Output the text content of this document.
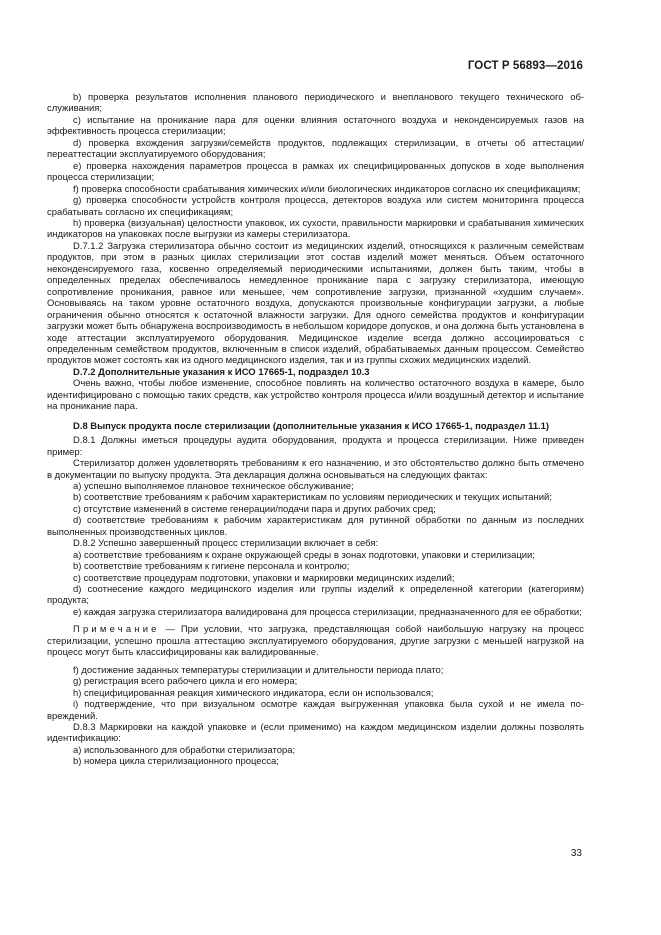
ГОСТ Р 56893—2016

b) проверка результатов исполнения планового периодического и внепланового текущего технического обслуживания;

c) испытание на проникание пара для оценки влияния остаточного воздуха и неконденсируемых газов на эффективность процесса стерилизации;

d) проверка вхождения загрузки/семейств продуктов, подлежащих стерилизации, в отчеты об аттестации/переаттестации эксплуатируемого оборудования;

e) проверка нахождения параметров процесса в рамках их специфицированных допусков в ходе выполнения процесса стерилизации;

f) проверка способности срабатывания химических и/или биологических индикаторов согласно их спецификациям;

g) проверка способности устройств контроля процесса, детекторов воздуха или систем мониторинга процесса срабатывать согласно их спецификациям;

h) проверка (визуальная) целостности упаковок, их сухости, правильности маркировки и срабатывания химических индикаторов на упаковках после выгрузки из камеры стерилизатора.

D.7.1.2 Загрузка стерилизатора обычно состоит из медицинских изделий, относящихся к различным семействам продуктов, при этом в разных циклах стерилизации этот состав изделий может меняться. Объем остаточного неконденсируемого газа, косвенно определяемый периодическими испытаниями, должен быть таким, чтобы в определенных пределах обеспечивалось немедленное проникание пара с загрузку стерилизатора, имеющую сопротивление проникания, равное или меньшее, чем сопротивление загрузки, признанной «худшим случаем». Основываясь на таком уровне остаточного воздуха, допускаются произвольные конфигурации загрузки, а любые ограничения обычно относятся к остаточной влажности загрузки. Для одного семейства продуктов и конфигурации загрузки может быть обнаружена воспроизводимость в небольшом коридоре допусков, и она должна быть установлена в ходе аттестации эксплуатируемого оборудования. Медицинское изделие всегда должно ассоциироваться с определенным семейством продуктов, включенным в список изделий, обрабатываемых данным процессом. Семейство продуктов может состоять как из одного медицинского изделия, так и из группы схожих медицинских изделий.

D.7.2 Дополнительные указания к ИСО 17665-1, подраздел 10.3

Очень важно, чтобы любое изменение, способное повлиять на количество остаточного воздуха в камере, было идентифицировано с помощью таких средств, как устройство контроля процесса и/или воздушный детектор и испытание на проникание пара.

D.8 Выпуск продукта после стерилизации (дополнительные указания к ИСО 17665-1, подраздел 11.1)

D.8.1 Должны иметься процедуры аудита оборудования, продукта и процесса стерилизации. Ниже приведен пример:

Стерилизатор должен удовлетворять требованиям к его назначению, и это обстоятельство должно быть отмечено в документации по выпуску продукта. Эта декларация должна основываться на следующих фактах:

a) успешно выполняемое плановое техническое обслуживание;

b) соответствие требованиям к рабочим характеристикам по условиям периодических и текущих испытаний;

c) отсутствие изменений в системе генерации/подачи пара и других рабочих сред;

d) соответствие требованиям к рабочим характеристикам для рутинной обработки по данным из последних выполненных производственных циклов.

D.8.2 Успешно завершенный процесс стерилизации включает в себя:

a) соответствие требованиям к охране окружающей среды в зонах подготовки, упаковки и стерилизации;

b) соответствие требованиям к гигиене персонала и контролю;

c) соответствие процедурам подготовки, упаковки и маркировки медицинских изделий;

d) соотнесение каждого медицинского изделия или группы изделий к определенной категории (категориям) продукта;

e) каждая загрузка стерилизатора валидирована для процесса стерилизации, предназначенного для ее обработки;

Примечание — При условии, что загрузка, представляющая собой наибольшую нагрузку на процесс стерилизации, успешно прошла аттестацию эксплуатируемого оборудования, другие загрузки с меньшей нагрузкой на процесс могут быть классифицированы как валидированные.

f) достижение заданных температуры стерилизации и длительности периода плато;

g) регистрация всего рабочего цикла и его номера;

h) специфицированная реакция химического индикатора, если он использовался;

i) подтверждение, что при визуальном осмотре каждая выгруженная упаковка была сухой и не имела повреждений.

D.8.3 Маркировки на каждой упаковке и (если применимо) на каждом медицинском изделии должны позволять идентификацию:

a) использованного для обработки стерилизатора;

b) номера цикла стерилизационного процесса;

33
